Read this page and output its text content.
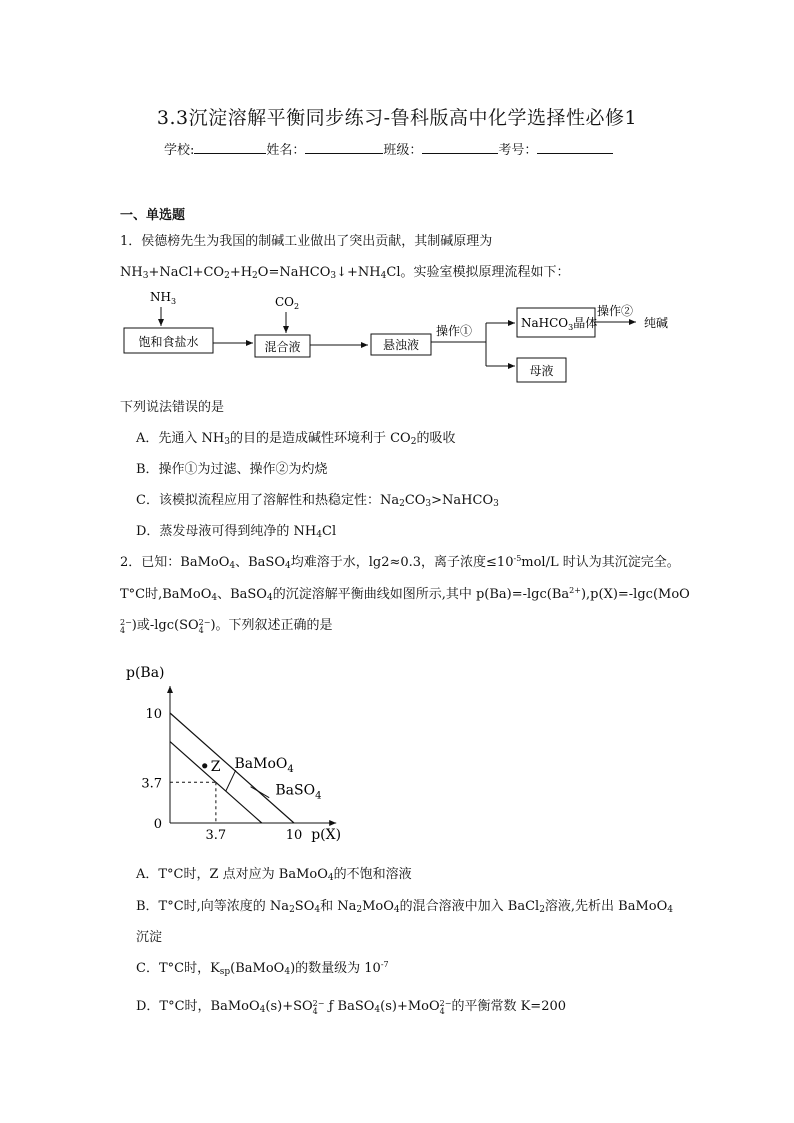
3.3沉淀溶解平衡同步练习-鲁科版高中化学选择性必修1
学校:	姓名：	班级：	考号：
一、单选题
1．侯德榜先生为我国的制碱工业做出了突出贡献，其制碱原理为
$NH_3+NaCl+CO_2+H_2O=NaHCO_3↓+NH_4Cl$。实验室模拟原理流程如下：
$NH_3$
饱和食盐水
$CO_2$
混合液	悬浊液
操作①
NaHCO$_3$晶体
操作②
纯碱
母液
下列说法错误的是
A．先通入 $NH_3$的目的是造成碱性环境利于 $CO_2$的吸收
B．操作①为过滤、操作②为灼烧
C．该模拟流程应用了溶解性和热稳定性：$Na_2CO_3>NaHCO_3$
D．蒸发母液可得到纯净的 $NH_4Cl$
2．已知：BaMoO$_4$、BaSO$_4$均难溶于水，lg2≈0.3，离子浓度$\le 10^{-5}mol/L$ 时认为其沉淀完全。
T°C时,BaMoO$_4$、BaSO$_4$的沉淀溶解平衡曲线如图所示,其中 $p(Ba)=-\lg c(Ba^{2+}),p(X)=-\lg c(MoO$
2−
4 )或-lgc(SO2−
4 )。下列叙述正确的是
p(Ba)
p(X)
0
3.7
10
3.7	10
BaMoO$_4$
BaSO$_4$
Z
A．T°C时，Z 点对应为 BaMoO$_4$的不饱和溶液
B．T°C时,向等浓度的 $Na_2SO_4$和 $Na_2MoO_4$的混合溶液中加入 BaCl$_2$溶液,先析出 BaMoO$_4$
沉淀
C．T°C时，$K_{sp}(BaMoO_4)$的数量级为 $10^{-7}$
D．T°C时，BaMoO$_4$(s)+SO2−
4 ƒ BaSO$_4$(s)+MoO2−
4 的平衡常数 K=200
